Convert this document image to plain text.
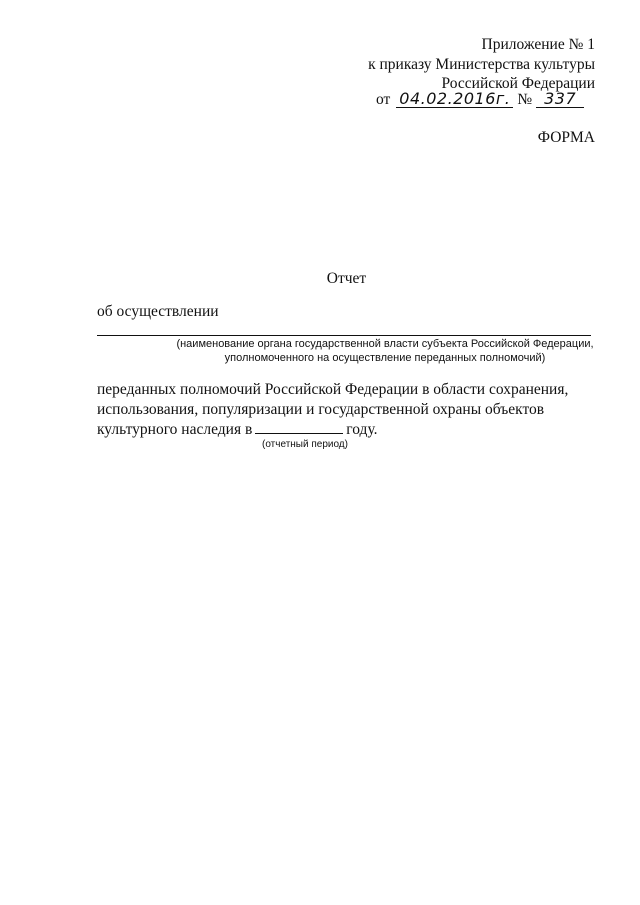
Приложение № 1
к приказу Министерства культуры
Российской Федерации
от 04.02.2016г. № 337
ФОРМА
Отчет
об осуществлении
(наименование органа государственной власти субъекта Российской Федерации,
уполномоченного на осуществление переданных полномочий)
переданных полномочий Российской Федерации в области сохранения,
использования, популяризации и государственной охраны объектов
культурного наследия в	году.
(отчетный период)
